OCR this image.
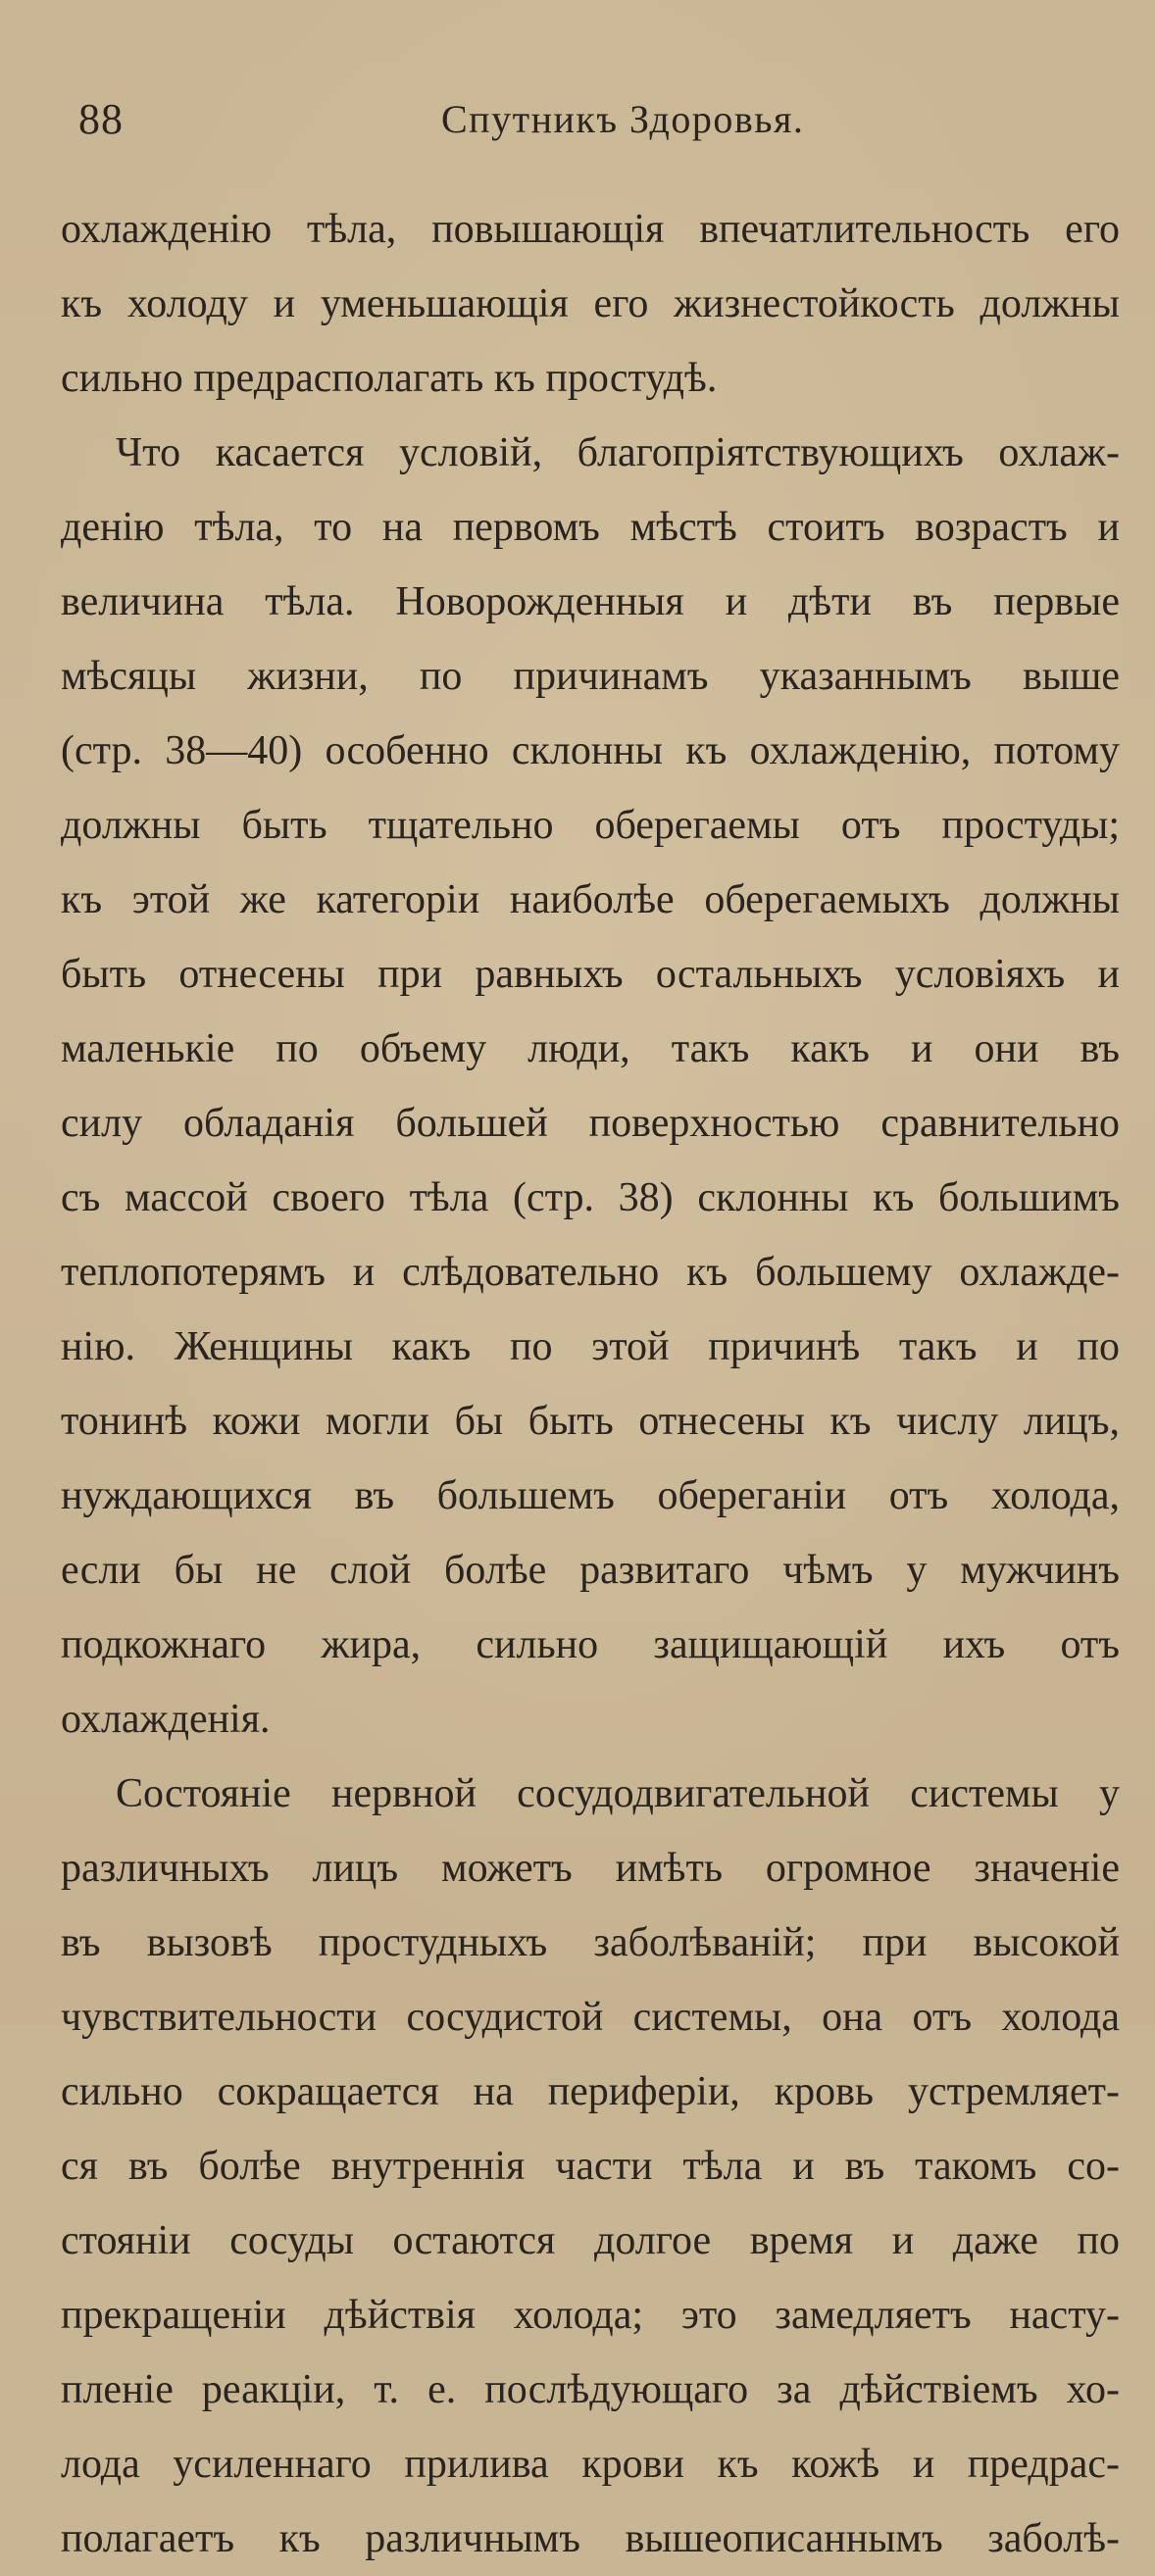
88	Спутникъ Здоровья.
охлажденію тѣла, повышающія впечатлительность его
къ холоду и уменьшающія его жизнестойкость должны
сильно предрасполагать къ простудѣ.
Что касается условій, благопріятствующихъ охлаж-
денію тѣла, то на первомъ мѣстѣ стоитъ возрастъ и
величина тѣла. Новорожденныя и дѣти въ первые
мѣсяцы жизни, по причинамъ указаннымъ выше
(стр. 38—40) особенно склонны къ охлажденію, потому
должны быть тщательно оберегаемы отъ простуды;
къ этой же категоріи наиболѣе оберегаемыхъ должны
быть отнесены при равныхъ остальныхъ условіяхъ и
маленькіе по объему люди, такъ какъ и они въ
силу обладанія большей поверхностью сравнительно
съ массой своего тѣла (стр. 38) склонны къ большимъ
теплопотерямъ и слѣдовательно къ большему охлажде-
нію. Женщины какъ по этой причинѣ такъ и по
тонинѣ кожи могли бы быть отнесены къ числу лицъ,
нуждающихся въ большемъ обереганіи отъ холода,
если бы не слой болѣе развитаго чѣмъ у мужчинъ
подкожнаго жира, сильно защищающій ихъ отъ
охлажденія.
Состояніе нервной сосудодвигательной системы у
различныхъ лицъ можетъ имѣть огромное значеніе
въ вызовѣ простудныхъ заболѣваній; при высокой
чувствительности сосудистой системы, она отъ холода
сильно сокращается на периферіи, кровь устремляет-
ся въ болѣе внутреннія части тѣла и въ такомъ со-
стояніи сосуды остаются долгое время и даже по
прекращеніи дѣйствія холода; это замедляетъ насту-
пленіе реакціи, т. е. послѣдующаго за дѣйствіемъ хо-
лода усиленнаго прилива крови къ кожѣ и предрас-
полагаетъ къ различнымъ вышеописаннымъ заболѣ-
